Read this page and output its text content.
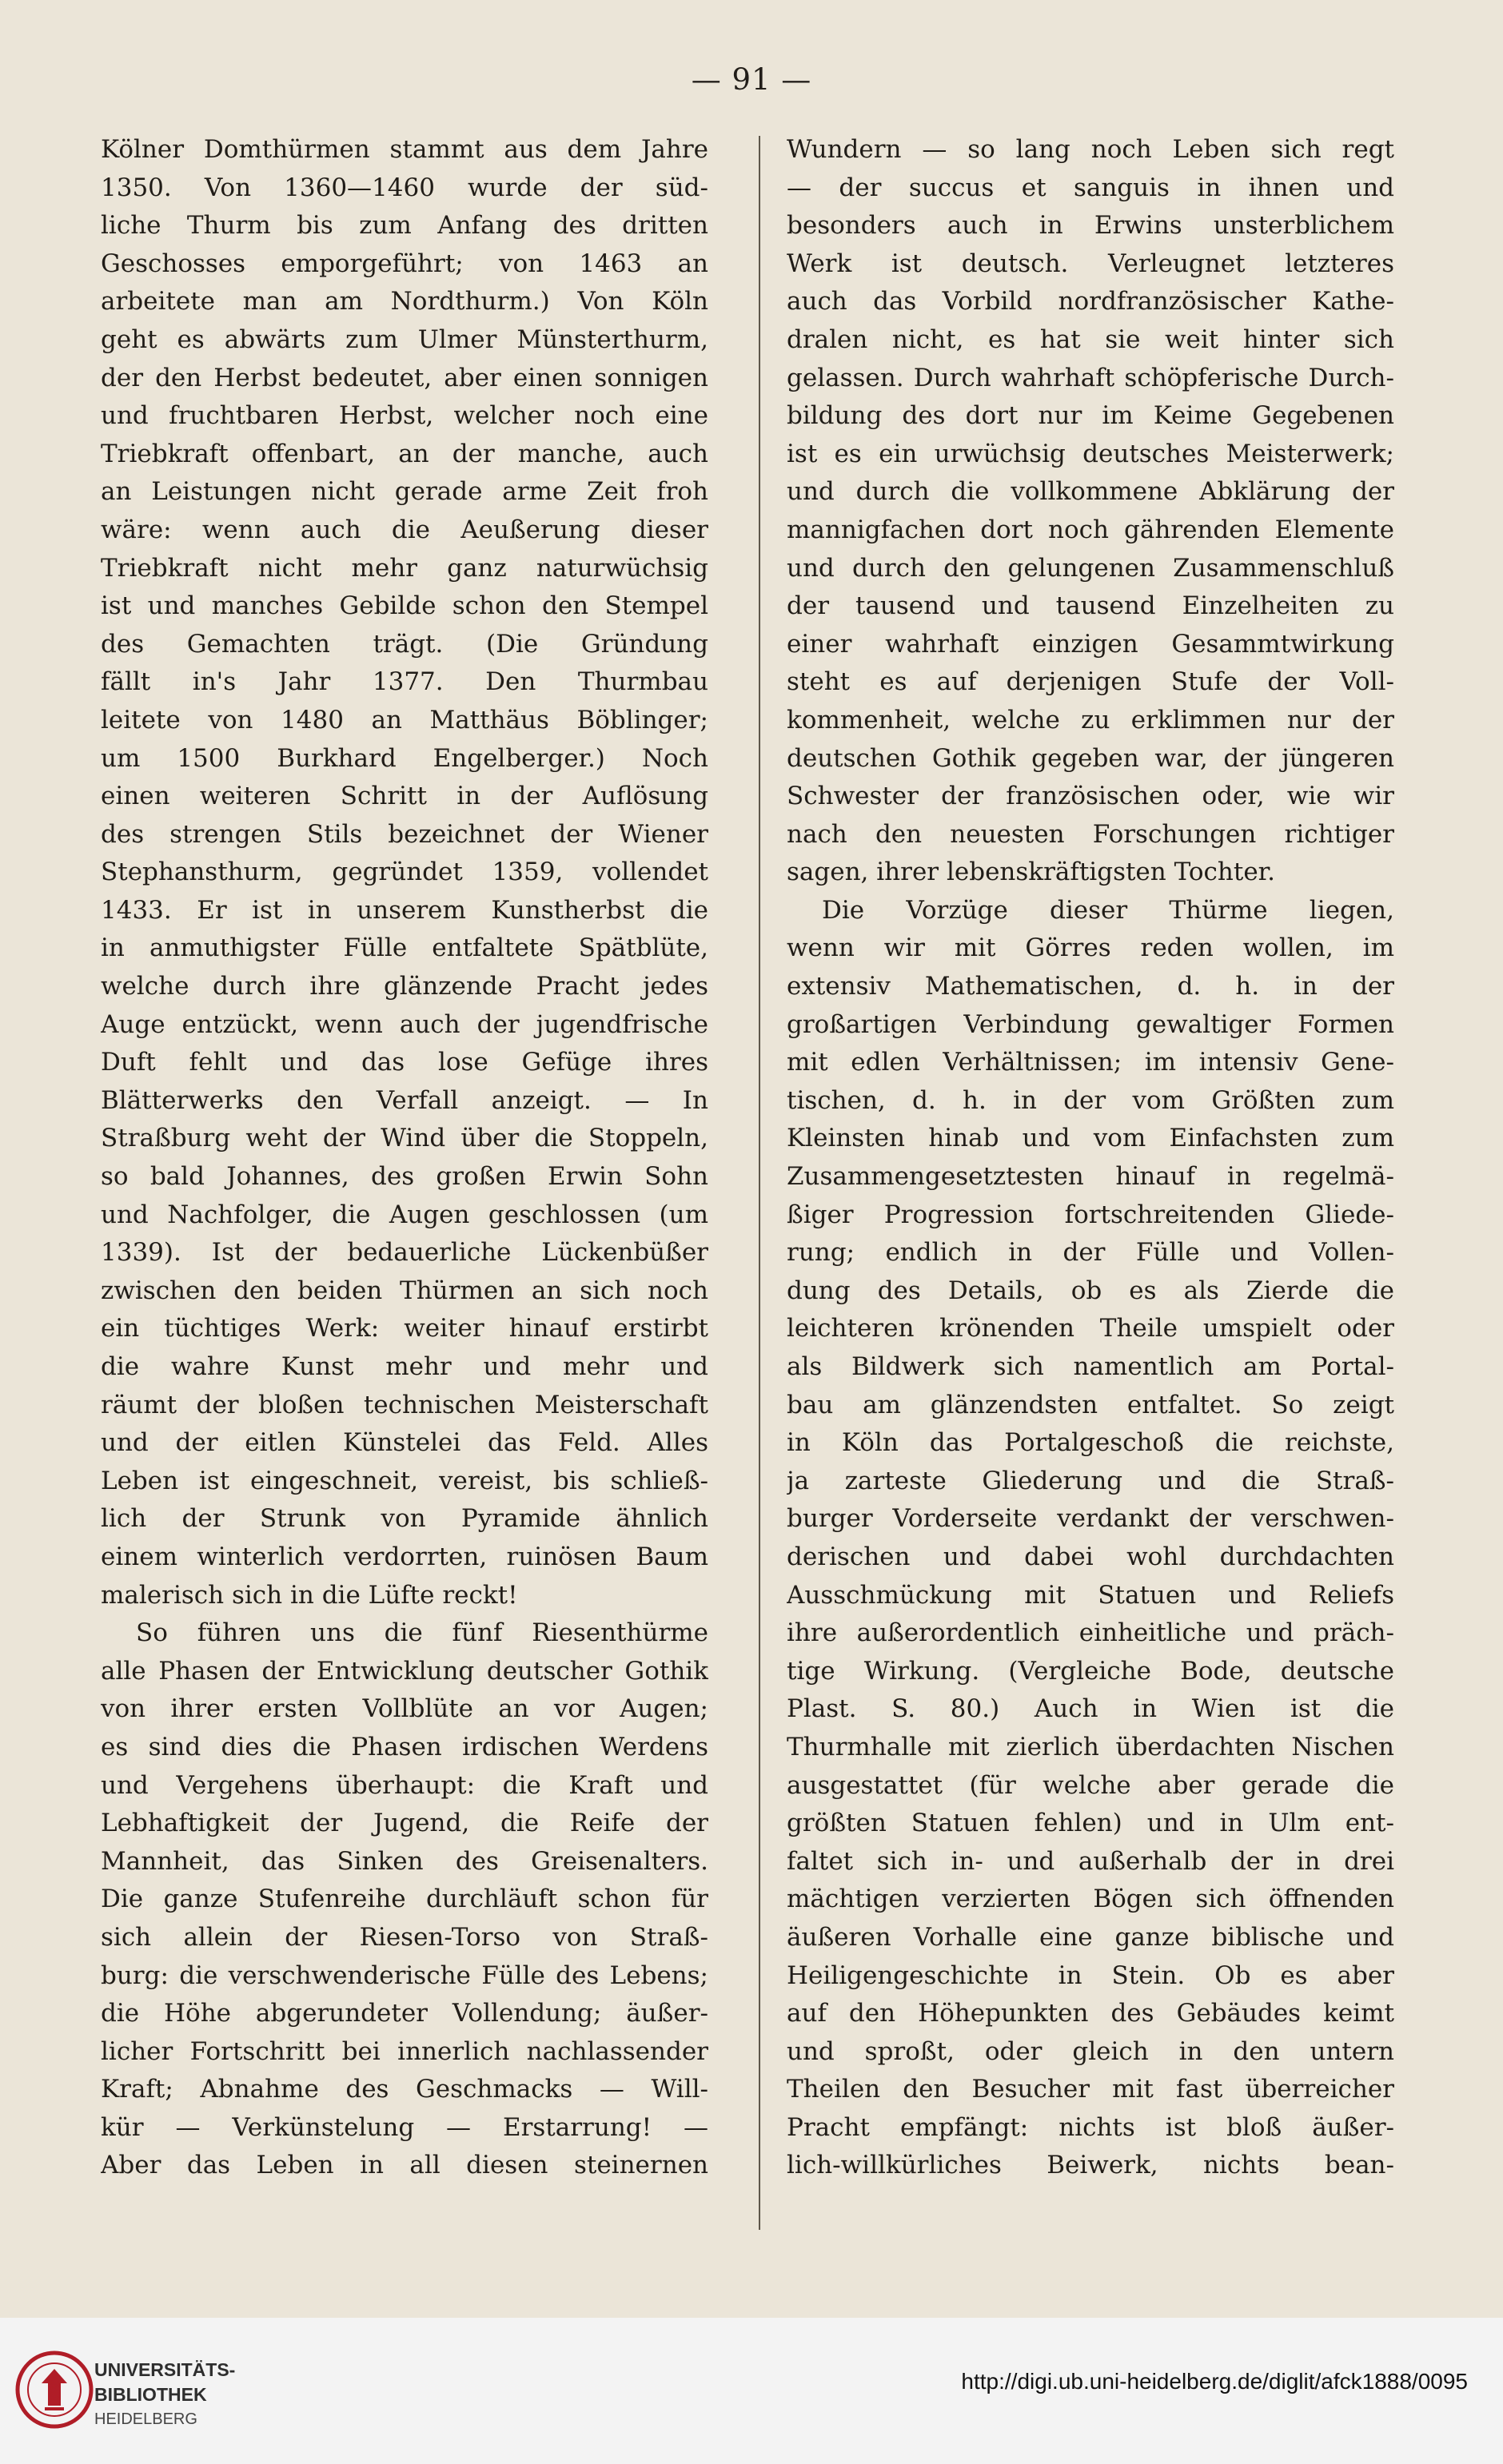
— 91 —
Kölner Domthürmen stammt aus dem Jahre
1350. Von 1360—1460 wurde der süd-
liche Thurm bis zum Anfang des dritten
Geschosses emporgeführt; von 1463 an
arbeitete man am Nordthurm.) Von Köln
geht es abwärts zum Ulmer Münsterthurm,
der den Herbst bedeutet, aber einen sonnigen
und fruchtbaren Herbst, welcher noch eine
Triebkraft offenbart, an der manche, auch
an Leistungen nicht gerade arme Zeit froh
wäre: wenn auch die Aeußerung dieser
Triebkraft nicht mehr ganz naturwüchsig
ist und manches Gebilde schon den Stempel
des Gemachten trägt. (Die Gründung
fällt in's Jahr 1377. Den Thurmbau
leitete von 1480 an Matthäus Böblinger;
um 1500 Burkhard Engelberger.) Noch
einen weiteren Schritt in der Auflösung
des strengen Stils bezeichnet der Wiener
Stephansthurm, gegründet 1359, vollendet
1433. Er ist in unserem Kunstherbst die
in anmuthigster Fülle entfaltete Spätblüte,
welche durch ihre glänzende Pracht jedes
Auge entzückt, wenn auch der jugendfrische
Duft fehlt und das lose Gefüge ihres
Blätterwerks den Verfall anzeigt. — In
Straßburg weht der Wind über die Stoppeln,
so bald Johannes, des großen Erwin Sohn
und Nachfolger, die Augen geschlossen (um
1339). Ist der bedauerliche Lückenbüßer
zwischen den beiden Thürmen an sich noch
ein tüchtiges Werk: weiter hinauf erstirbt
die wahre Kunst mehr und mehr und
räumt der bloßen technischen Meisterschaft
und der eitlen Künstelei das Feld. Alles
Leben ist eingeschneit, vereist, bis schließ-
lich der Strunk von Pyramide ähnlich
einem winterlich verdorrten, ruinösen Baum
malerisch sich in die Lüfte reckt!
So führen uns die fünf Riesenthürme
alle Phasen der Entwicklung deutscher Gothik
von ihrer ersten Vollblüte an vor Augen;
es sind dies die Phasen irdischen Werdens
und Vergehens überhaupt: die Kraft und
Lebhaftigkeit der Jugend, die Reife der
Mannheit, das Sinken des Greisenalters.
Die ganze Stufenreihe durchläuft schon für
sich allein der Riesen-Torso von Straß-
burg: die verschwenderische Fülle des Lebens;
die Höhe abgerundeter Vollendung; äußer-
licher Fortschritt bei innerlich nachlassender
Kraft; Abnahme des Geschmacks — Will-
kür — Verkünstelung — Erstarrung! —
Aber das Leben in all diesen steinernen
Wundern — so lang noch Leben sich regt
— der succus et sanguis in ihnen und
besonders auch in Erwins unsterblichem
Werk ist deutsch. Verleugnet letzteres
auch das Vorbild nordfranzösischer Kathe-
dralen nicht, es hat sie weit hinter sich
gelassen. Durch wahrhaft schöpferische Durch-
bildung des dort nur im Keime Gegebenen
ist es ein urwüchsig deutsches Meisterwerk;
und durch die vollkommene Abklärung der
mannigfachen dort noch gährenden Elemente
und durch den gelungenen Zusammenschluß
der tausend und tausend Einzelheiten zu
einer wahrhaft einzigen Gesammtwirkung
steht es auf derjenigen Stufe der Voll-
kommenheit, welche zu erklimmen nur der
deutschen Gothik gegeben war, der jüngeren
Schwester der französischen oder, wie wir
nach den neuesten Forschungen richtiger
sagen, ihrer lebenskräftigsten Tochter.
Die Vorzüge dieser Thürme liegen,
wenn wir mit Görres reden wollen, im
extensiv Mathematischen, d. h. in der
großartigen Verbindung gewaltiger Formen
mit edlen Verhältnissen; im intensiv Gene-
tischen, d. h. in der vom Größten zum
Kleinsten hinab und vom Einfachsten zum
Zusammengesetztesten hinauf in regelmä-
ßiger Progression fortschreitenden Gliede-
rung; endlich in der Fülle und Vollen-
dung des Details, ob es als Zierde die
leichteren krönenden Theile umspielt oder
als Bildwerk sich namentlich am Portal-
bau am glänzendsten entfaltet. So zeigt
in Köln das Portalgeschoß die reichste,
ja zarteste Gliederung und die Straß-
burger Vorderseite verdankt der verschwen-
derischen und dabei wohl durchdachten
Ausschmückung mit Statuen und Reliefs
ihre außerordentlich einheitliche und präch-
tige Wirkung. (Vergleiche Bode, deutsche
Plast. S. 80.) Auch in Wien ist die
Thurmhalle mit zierlich überdachten Nischen
ausgestattet (für welche aber gerade die
größten Statuen fehlen) und in Ulm ent-
faltet sich in- und außerhalb der in drei
mächtigen verzierten Bögen sich öffnenden
äußeren Vorhalle eine ganze biblische und
Heiligengeschichte in Stein. Ob es aber
auf den Höhepunkten des Gebäudes keimt
und sproßt, oder gleich in den untern
Theilen den Besucher mit fast überreicher
Pracht empfängt: nichts ist bloß äußer-
lich-willkürliches Beiwerk, nichts bean-
UNIVERSITÄTS-
BIBLIOTHEK
HEIDELBERG
http://digi.ub.uni-heidelberg.de/diglit/afck1888/0095
